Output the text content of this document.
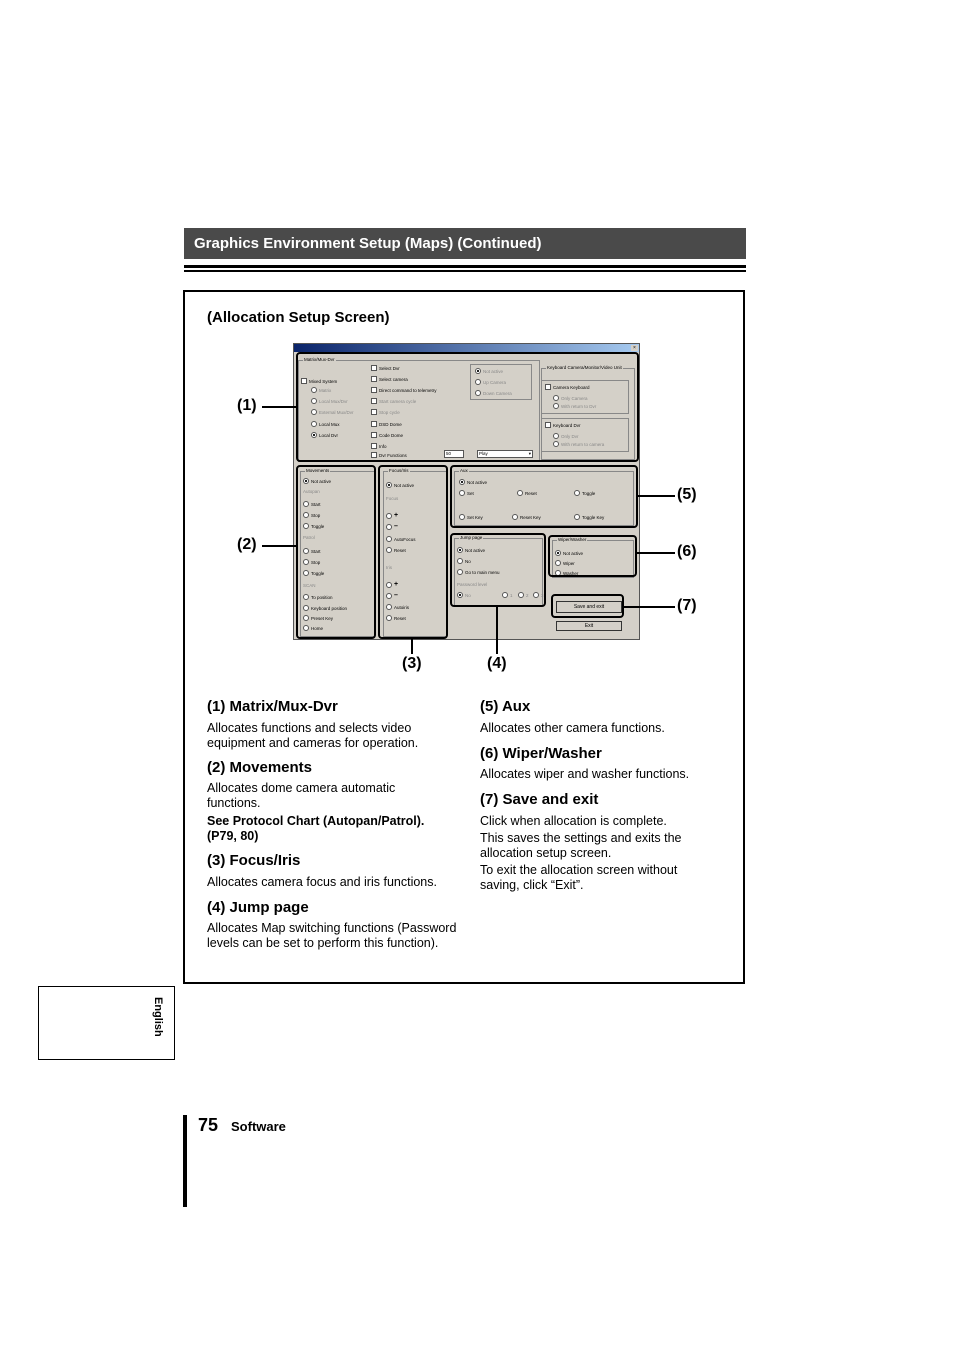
Graphics Environment Setup (Maps) (Continued)
(Allocation Setup Screen)
×
Matrix/Mux-Dvr
Mixed System
Matrix
Local Mux/Dvr
External Mux/Dvr
Local Mux
Local Dvr
Select Dvr
Select camera
Direct command to telemetry
Start camera cycle
Stop cycle
DSD Dome
Code Dome
Info
Dvr Functions	50	Play	▾
Not active
Up Camera
Down Camera
Keyboard Camera/Monitor/Video Unit
Camera Keyboard
Only Camera
With return to Dvr
Keyboard Dvr
Only Dvr
With return to camera
Movements
Not active
Autopan
Start
Stop
Toggle
Patrol
Start
Stop
Toggle
SCAN
To position
Keyboard position
Preset Key
Home
Focus/Iris
Not active
Focus
+
–
AutoFocus
Reset
Iris
+
–
Autoiris
Reset
Aux
Not active
Set	Reset	Toggle
Set Key	Reset Key	Toggle Key
Jump page
Not active
No
Go to main menu
Password level
No	1	2	3
Wiper/Washer
Not active
Wiper
Washer
Save and exit
Exit
(1)
(2)
(3)	(4)
(5)
(6)
(7)
(1) Matrix/Mux-Dvr
Allocates functions and selects video equipment and cameras for operation.
(2) Movements
Allocates dome camera automatic functions.
See Protocol Chart (Autopan/Patrol). (P79, 80)
(3) Focus/Iris
Allocates camera focus and iris functions.
(4) Jump page
Allocates Map switching functions (Password levels can be set to perform this function).
(5) Aux
Allocates other camera functions.
(6) Wiper/Washer
Allocates wiper and washer functions.
(7) Save and exit
Click when allocation is complete.
This saves the settings and exits the allocation setup screen.
To exit the allocation screen without saving, click “Exit”.
English
75 Software
